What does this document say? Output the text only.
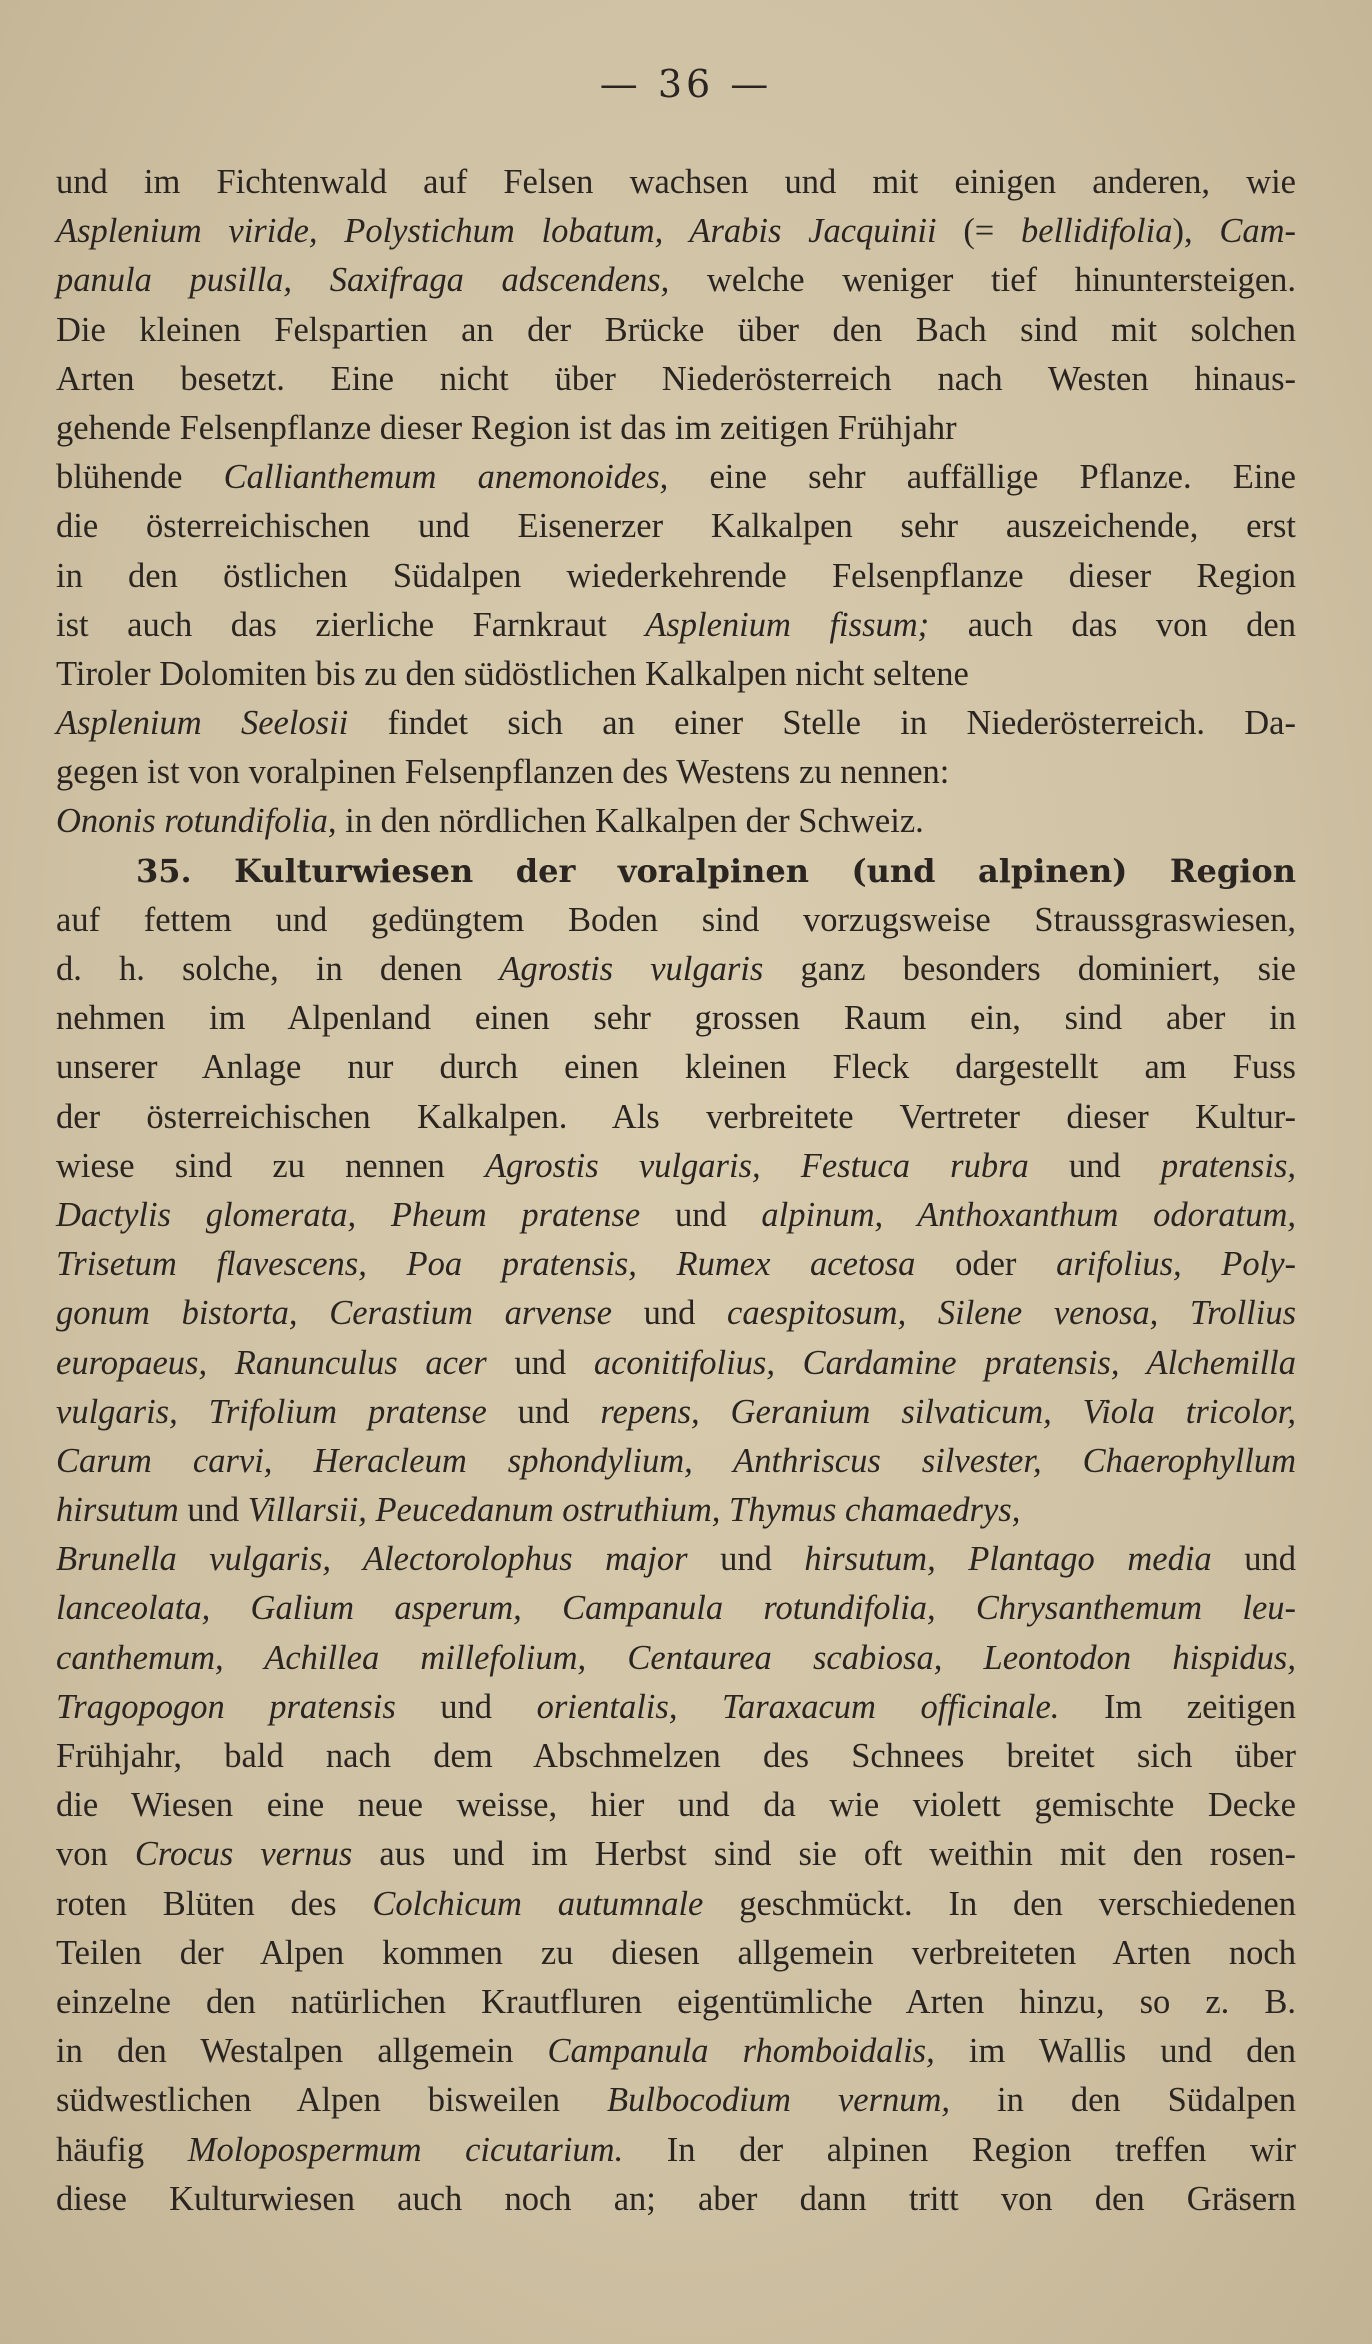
— 36 —
und im Fichtenwald auf Felsen wachsen und mit einigen anderen, wie
Asplenium viride, Polystichum lobatum, Arabis Jacquinii (= bellidifolia), Cam-
panula pusilla, Saxifraga adscendens, welche weniger tief hinuntersteigen.
Die kleinen Felspartien an der Brücke über den Bach sind mit solchen
Arten besetzt. Eine nicht über Niederösterreich nach Westen hinaus-
gehende Felsenpflanze dieser Region ist das im zeitigen Frühjahr
blühende Callianthemum anemonoides, eine sehr auffällige Pflanze. Eine
die österreichischen und Eisenerzer Kalkalpen sehr auszeichende, erst
in den östlichen Südalpen wiederkehrende Felsenpflanze dieser Region
ist auch das zierliche Farnkraut Asplenium fissum; auch das von den
Tiroler Dolomiten bis zu den südöstlichen Kalkalpen nicht seltene
Asplenium Seelosii findet sich an einer Stelle in Niederösterreich. Da-
gegen ist von voralpinen Felsenpflanzen des Westens zu nennen:
Ononis rotundifolia, in den nördlichen Kalkalpen der Schweiz.
35. Kulturwiesen der voralpinen (und alpinen) Region
auf fettem und gedüngtem Boden sind vorzugsweise Straussgraswiesen,
d. h. solche, in denen Agrostis vulgaris ganz besonders dominiert, sie
nehmen im Alpenland einen sehr grossen Raum ein, sind aber in
unserer Anlage nur durch einen kleinen Fleck dargestellt am Fuss
der österreichischen Kalkalpen. Als verbreitete Vertreter dieser Kultur-
wiese sind zu nennen Agrostis vulgaris, Festuca rubra und pratensis,
Dactylis glomerata, Pheum pratense und alpinum, Anthoxanthum odoratum,
Trisetum flavescens, Poa pratensis, Rumex acetosa oder arifolius, Poly-
gonum bistorta, Cerastium arvense und caespitosum, Silene venosa, Trollius
europaeus, Ranunculus acer und aconitifolius, Cardamine pratensis, Alchemilla
vulgaris, Trifolium pratense und repens, Geranium silvaticum, Viola tricolor,
Carum carvi, Heracleum sphondylium, Anthriscus silvester, Chaerophyllum
hirsutum und Villarsii, Peucedanum ostruthium, Thymus chamaedrys,
Brunella vulgaris, Alectorolophus major und hirsutum, Plantago media und
lanceolata, Galium asperum, Campanula rotundifolia, Chrysanthemum leu-
canthemum, Achillea millefolium, Centaurea scabiosa, Leontodon hispidus,
Tragopogon pratensis und orientalis, Taraxacum officinale. Im zeitigen
Frühjahr, bald nach dem Abschmelzen des Schnees breitet sich über
die Wiesen eine neue weisse, hier und da wie violett gemischte Decke
von Crocus vernus aus und im Herbst sind sie oft weithin mit den rosen-
roten Blüten des Colchicum autumnale geschmückt. In den verschiedenen
Teilen der Alpen kommen zu diesen allgemein verbreiteten Arten noch
einzelne den natürlichen Krautfluren eigentümliche Arten hinzu, so z. B.
in den Westalpen allgemein Campanula rhomboidalis, im Wallis und den
südwestlichen Alpen bisweilen Bulbocodium vernum, in den Südalpen
häufig Molopospermum cicutarium. In der alpinen Region treffen wir
diese Kulturwiesen auch noch an; aber dann tritt von den Gräsern
